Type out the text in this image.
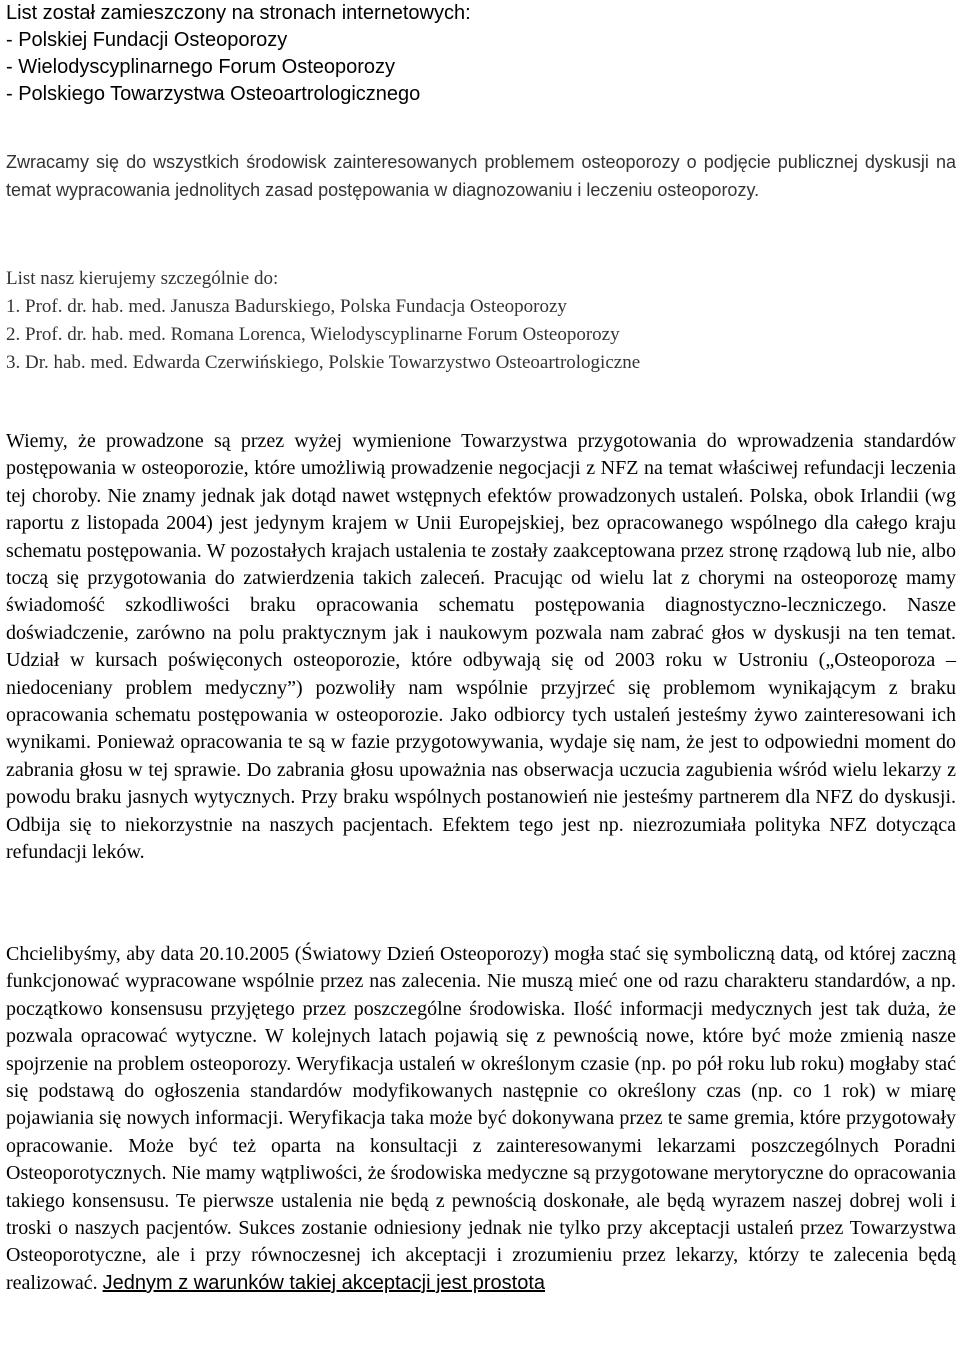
List został zamieszczony na stronach internetowych:
- Polskiej Fundacji Osteoporozy
- Wielodyscyplinarnego Forum Osteoporozy
- Polskiego Towarzystwa Osteoartrologicznego

Zwracamy się do wszystkich środowisk zainteresowanych problemem osteoporozy o podjęcie publicznej dyskusji na temat wypracowania jednolitych zasad postępowania w diagnozowaniu i leczeniu osteoporozy.

List nasz kierujemy szczególnie do:
1. Prof. dr. hab. med. Janusza Badurskiego, Polska Fundacja Osteoporozy
2. Prof. dr. hab. med. Romana Lorenca, Wielodyscyplinarne Forum Osteoporozy
3. Dr. hab. med. Edwarda Czerwińskiego, Polskie Towarzystwo Osteoartrologiczne

Wiemy, że prowadzone są przez wyżej wymienione Towarzystwa przygotowania do wprowadzenia standardów postępowania w osteoporozie, które umożliwią prowadzenie negocjacji z NFZ na temat właściwej refundacji leczenia tej choroby. Nie znamy jednak jak dotąd nawet wstępnych efektów prowadzonych ustaleń. Polska, obok Irlandii (wg raportu z listopada 2004) jest jedynym krajem w Unii Europejskiej, bez opracowanego wspólnego dla całego kraju schematu postępowania. W pozostałych krajach ustalenia te zostały zaakceptowana przez stronę rządową lub nie, albo toczą się przygotowania do zatwierdzenia takich zaleceń. Pracując od wielu lat z chorymi na osteoporozę mamy świadomość szkodliwości braku opracowania schematu postępowania diagnostyczno-leczniczego. Nasze doświadczenie, zarówno na polu praktycznym jak i naukowym pozwala nam zabrać głos w dyskusji na ten temat. Udział w kursach poświęconych osteoporozie, które odbywają się od 2003 roku w Ustroniu („Osteoporoza – niedoceniany problem medyczny”) pozwoliły nam wspólnie przyjrzeć się problemom wynikającym z braku opracowania schematu postępowania w osteoporozie. Jako odbiorcy tych ustaleń jesteśmy żywo zainteresowani ich wynikami. Ponieważ opracowania te są w fazie przygotowywania, wydaje się nam, że jest to odpowiedni moment do zabrania głosu w tej sprawie. Do zabrania głosu upoważnia nas obserwacja uczucia zagubienia wśród wielu lekarzy z powodu braku jasnych wytycznych. Przy braku wspólnych postanowień nie jesteśmy partnerem dla NFZ do dyskusji. Odbija się to niekorzystnie na naszych pacjentach. Efektem tego jest np. niezrozumiała polityka NFZ dotycząca refundacji leków.

Chcielibyśmy, aby data 20.10.2005 (Światowy Dzień Osteoporozy) mogła stać się symboliczną datą, od której zaczną funkcjonować wypracowane wspólnie przez nas zalecenia. Nie muszą mieć one od razu charakteru standardów, a np. początkowo konsensusu przyjętego przez poszczególne środowiska. Ilość informacji medycznych jest tak duża, że pozwala opracować wytyczne. W kolejnych latach pojawią się z pewnością nowe, które być może zmienią nasze spojrzenie na problem osteoporozy. Weryfikacja ustaleń w określonym czasie (np. po pół roku lub roku) mogłaby stać się podstawą do ogłoszenia standardów modyfikowanych następnie co określony czas (np. co 1 rok) w miarę pojawiania się nowych informacji. Weryfikacja taka może być dokonywana przez te same gremia, które przygotowały opracowanie. Może być też oparta na konsultacji z zainteresowanymi lekarzami poszczególnych Poradni Osteoporotycznych. Nie mamy wątpliwości, że środowiska medyczne są przygotowane merytoryczne do opracowania takiego konsensusu. Te pierwsze ustalenia nie będą z pewnością doskonałe, ale będą wyrazem naszej dobrej woli i troski o naszych pacjentów. Sukces zostanie odniesiony jednak nie tylko przy akceptacji ustaleń przez Towarzystwa Osteoporotyczne, ale i przy równoczesnej ich akceptacji i zrozumieniu przez lekarzy, którzy te zalecenia będą realizować. Jednym z warunków takiej akceptacji jest prostota
